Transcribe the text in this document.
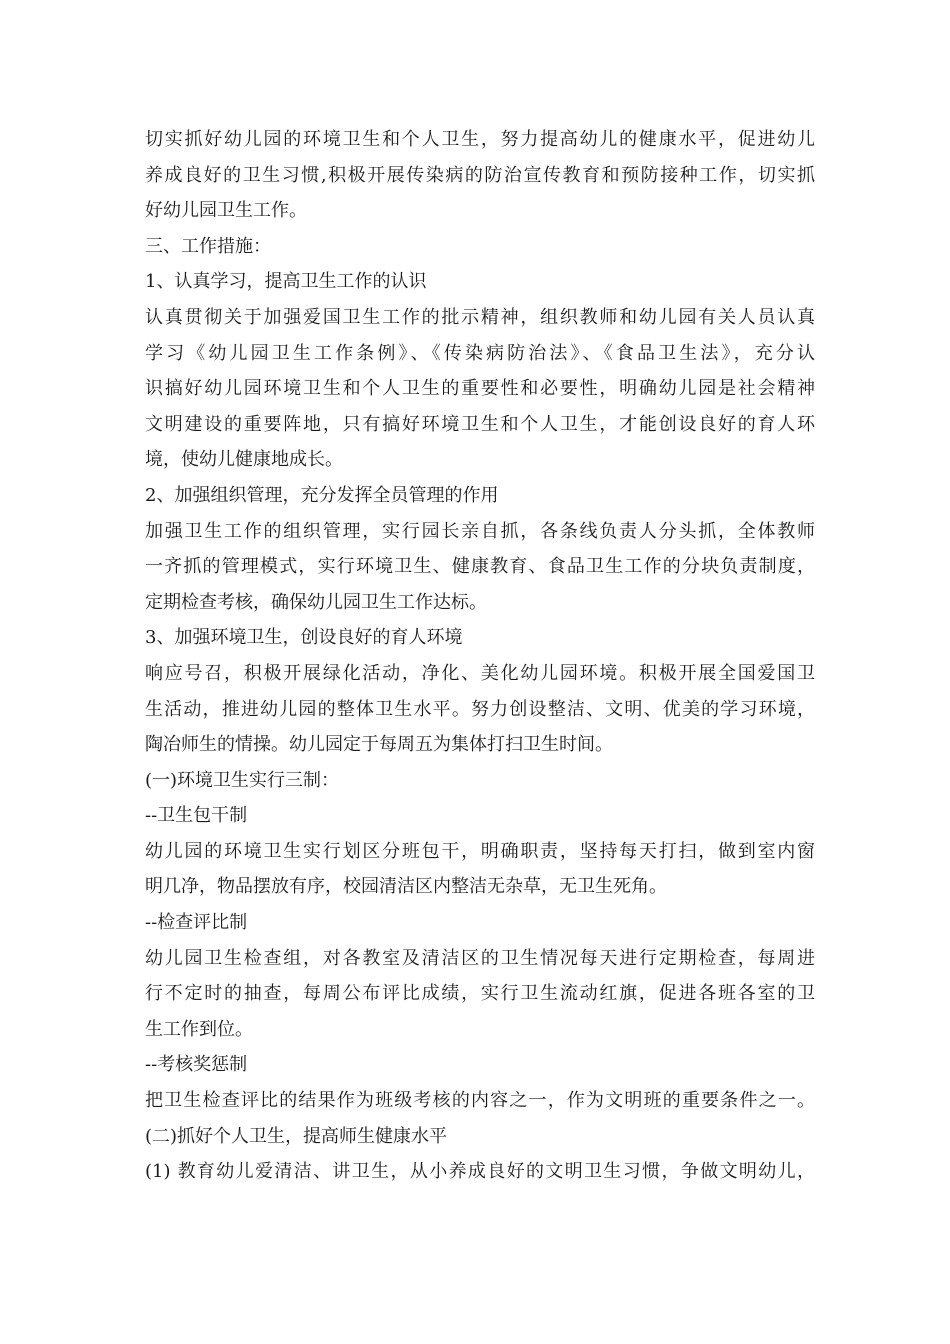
切实抓好幼儿园的环境卫生和个人卫生，努力提高幼儿的健康水平，促进幼儿
养成良好的卫生习惯,积极开展传染病的防治宣传教育和预防接种工作，切实抓
好幼儿园卫生工作。
三、工作措施：
1、认真学习，提高卫生工作的认识
认真贯彻关于加强爱国卫生工作的批示精神，组织教师和幼儿园有关人员认真
学习《幼儿园卫生工作条例》、《传染病防治法》、《食品卫生法》，充分认
识搞好幼儿园环境卫生和个人卫生的重要性和必要性，明确幼儿园是社会精神
文明建设的重要阵地，只有搞好环境卫生和个人卫生，才能创设良好的育人环
境，使幼儿健康地成长。
2、加强组织管理，充分发挥全员管理的作用
加强卫生工作的组织管理，实行园长亲自抓，各条线负责人分头抓，全体教师
一齐抓的管理模式，实行环境卫生、健康教育、食品卫生工作的分块负责制度，
定期检查考核，确保幼儿园卫生工作达标。
3、加强环境卫生，创设良好的育人环境
响应号召，积极开展绿化活动，净化、美化幼儿园环境。积极开展全国爱国卫
生活动，推进幼儿园的整体卫生水平。努力创设整洁、文明、优美的学习环境，
陶冶师生的情操。幼儿园定于每周五为集体打扫卫生时间。
(一)环境卫生实行三制：
--卫生包干制
幼儿园的环境卫生实行划区分班包干，明确职责，坚持每天打扫，做到室内窗
明几净，物品摆放有序，校园清洁区内整洁无杂草，无卫生死角。
--检查评比制
幼儿园卫生检查组，对各教室及清洁区的卫生情况每天进行定期检查，每周进
行不定时的抽查，每周公布评比成绩，实行卫生流动红旗，促进各班各室的卫
生工作到位。
--考核奖惩制
把卫生检查评比的结果作为班级考核的内容之一，作为文明班的重要条件之一。
(二)抓好个人卫生，提高师生健康水平
(1) 教育幼儿爱清洁、讲卫生，从小养成良好的文明卫生习惯，争做文明幼儿，
